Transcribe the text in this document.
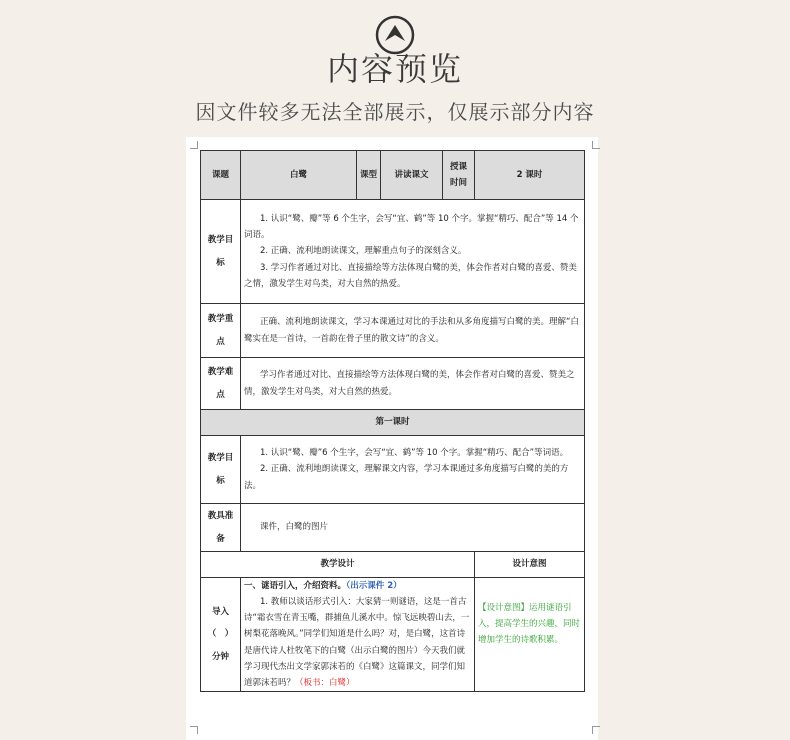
内容预览
因文件较多无法全部展示，仅展示部分内容
课题	白鹭	课型	讲读课文	授课时间	2 课时
教学目标	1. 认识“鹭、瓣”等 6 个生字，会写“宜、鹤”等 10 个字。掌握“精巧、配合”等 14 个词语。

2. 正确、流利地朗读课文，理解重点句子的深刻含义。

3. 学习作者通过对比、直接描绘等方法体现白鹭的美，体会作者对白鹭的喜爱、赞美之情，激发学生对鸟类，对大自然的热爱。				

教学重点	正确、流利地朗读课文，学习本课通过对比的手法和从多角度描写白鹭的美。理解“白鹭实在是一首诗，一首韵在骨子里的散文诗”的含义。				

教学难点	学习作者通过对比、直接描绘等方法体现白鹭的美，体会作者对白鹭的喜爱、赞美之情，激发学生对鸟类，对大自然的热爱。				

第一课时					
教学目标	1. 认识“鹭、瓣”6 个生字，会写“宜、鹤”等 10 个字。掌握“精巧、配合”等词语。

2. 正确、流利地朗读课文，理解课文内容，学习本课通过多角度描写白鹭的美的方法。				

教具准备	课件，白鹭的图片				

教学设计					设计意图
导入（　）分钟	一、谜语引入，介绍资料。（出示课件 2）

1. 教师以谈话形式引入：大家猜一则谜语，这是一首古诗“霜衣雪在青玉嘴，群捕鱼儿溪水中。惊飞远映碧山去，一树梨花落晚风。”同学们知道是什么吗？对，是白鹭，这首诗是唐代诗人杜牧笔下的白鹭（出示白鹭的图片）今天我们就学习现代杰出文学家郭沫若的《白鹭》这篇课文，同学们知道郭沫若吗？（板书：白鹭）				【设计意图】运用谜语引入，提高学生的兴趣，同时增加学生的诗歌积累。
